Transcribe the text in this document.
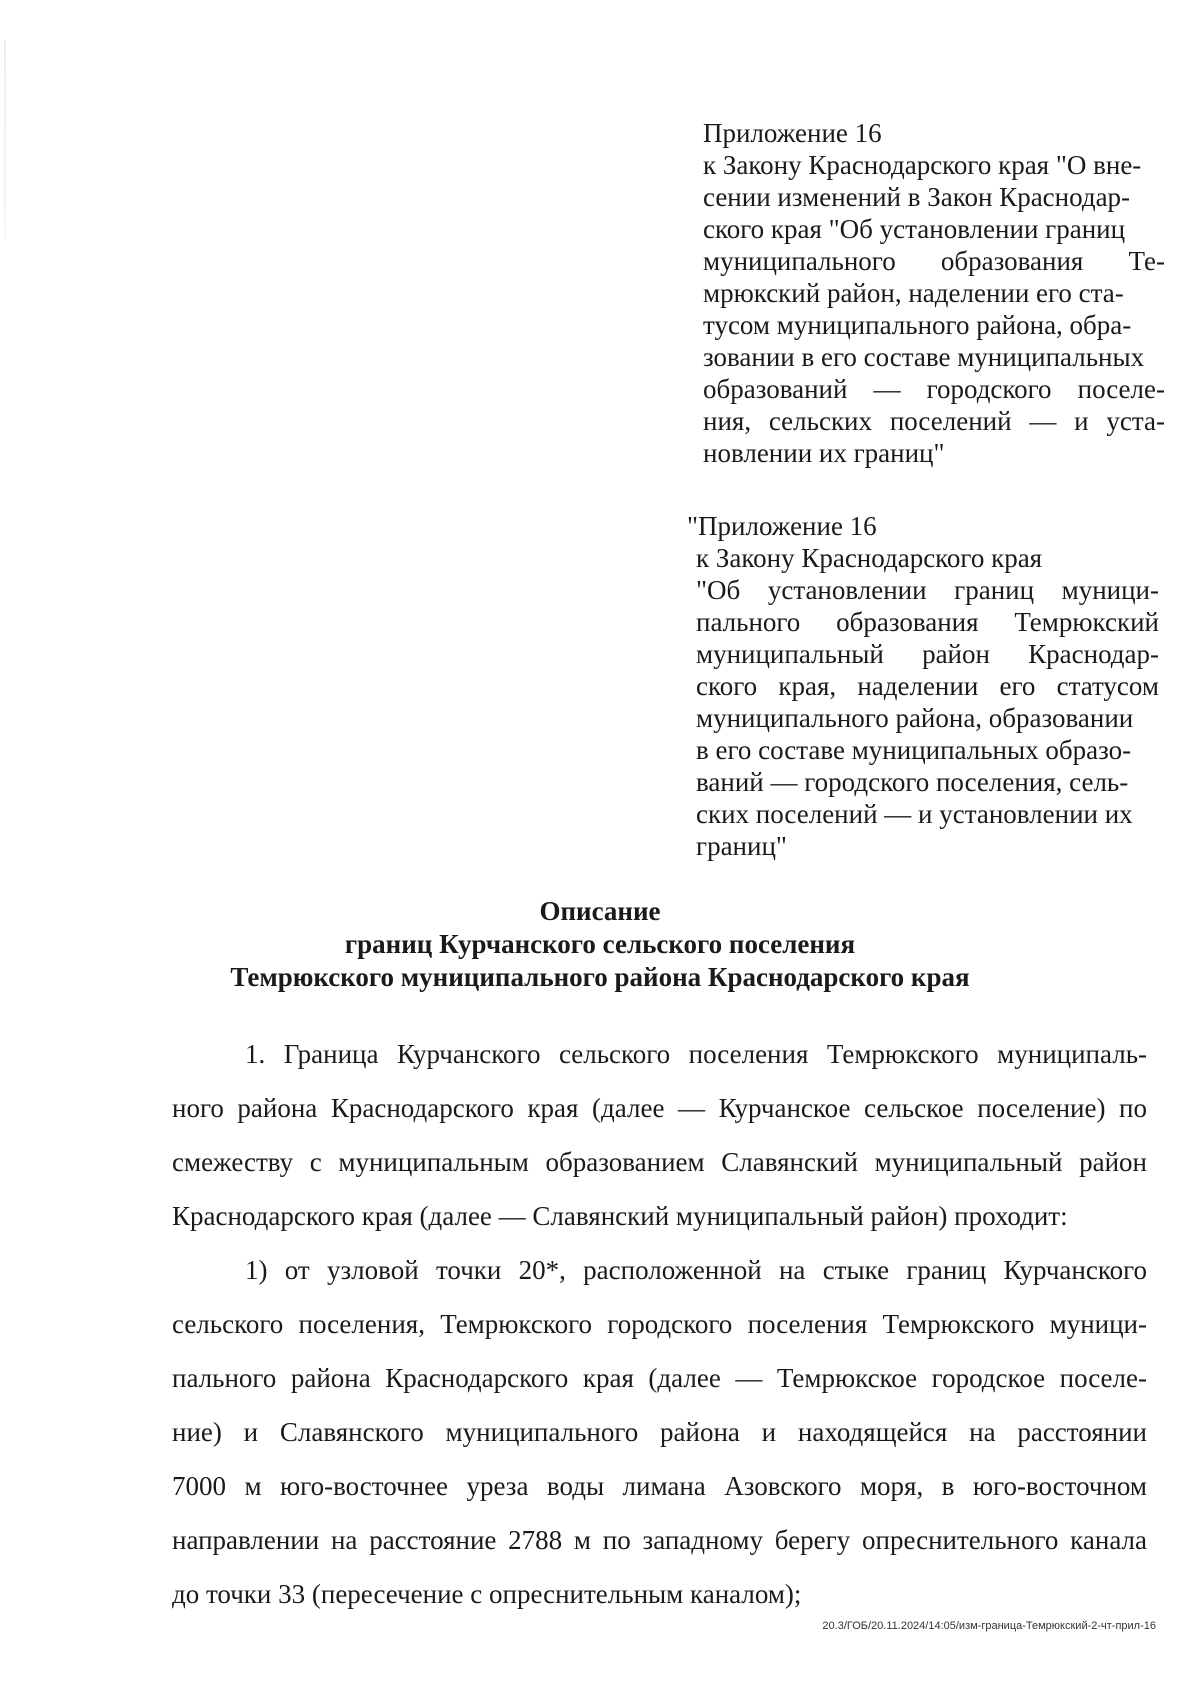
Приложение 16
к Закону Краснодарского края "О вне-
сении изменений в Закон Краснодар-
ского края "Об установлении границ
муниципального образования Те-
мрюкский район, наделении его ста-
тусом муниципального района, обра-
зовании в его составе муниципальных
образований — городского поселе-
ния, сельских поселений — и уста-
новлении их границ"
"Приложение 16
к Закону Краснодарского края
"Об установлении границ муници-
пального образования Темрюкский
муниципальный район Краснодар-
ского края, наделении его статусом
муниципального района, образовании
в его составе муниципальных образо-
ваний — городского поселения, сель-
ских поселений — и установлении их
границ"
Описание
границ Курчанского сельского поселения
Темрюкского муниципального района Краснодарского края
1. Граница Курчанского сельского поселения Темрюкского муниципаль-
ного района Краснодарского края (далее — Курчанское сельское поселение) по
смежеству с муниципальным образованием Славянский муниципальный район
Краснодарского края (далее — Славянский муниципальный район) проходит:
1) от узловой точки 20*, расположенной на стыке границ Курчанского
сельского поселения, Темрюкского городского поселения Темрюкского муници-
пального района Краснодарского края (далее — Темрюкское городское поселе-
ние) и Славянского муниципального района и находящейся на расстоянии
7000 м юго-восточнее уреза воды лимана Азовского моря, в юго-восточном
направлении на расстояние 2788 м по западному берегу опреснительного канала
до точки 33 (пересечение с опреснительным каналом);
20.3/ГОБ/20.11.2024/14:05/изм-граница-Темрюкский-2-чт-прил-16
